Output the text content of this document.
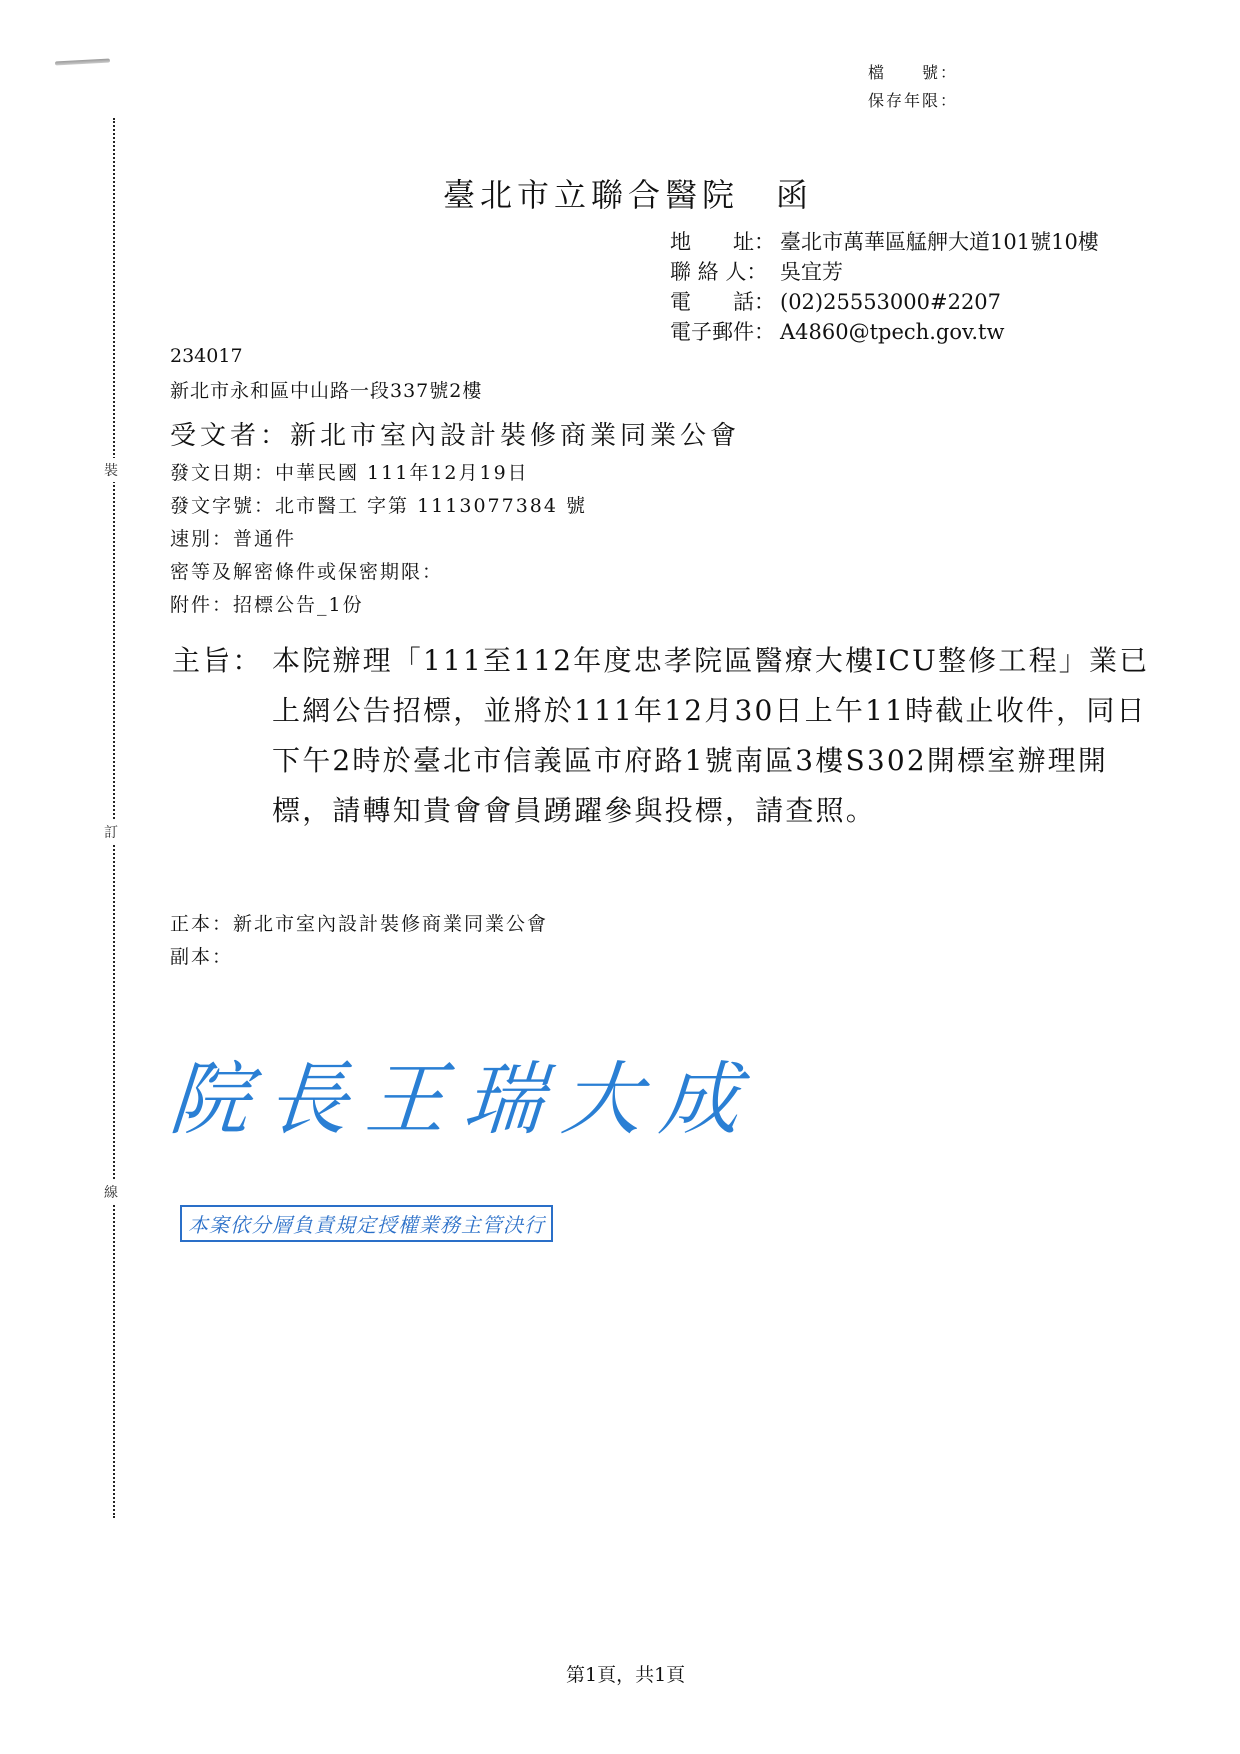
裝
訂
線
檔　　號：
保存年限：
臺北市立聯合醫院　函
地　　址： 臺北市萬華區艋舺大道101號10樓
聯 絡 人： 吳宜芳
電　　話： (02)25553000#2207
電子郵件： A4860@tpech.gov.tw
234017
新北市永和區中山路一段337號2樓
受文者：新北市室內設計裝修商業同業公會
發文日期：中華民國 111年12月19日
發文字號：北市醫工 字第 1113077384 號
速別：普通件
密等及解密條件或保密期限：
附件：招標公告_1份
主旨： 本院辦理「111至112年度忠孝院區醫療大樓ICU整修工程」業已上網公告招標，並將於111年12月30日上午11時截止收件，同日下午2時於臺北市信義區市府路1號南區3樓S302開標室辦理開標，請轉知貴會會員踴躍參與投標，請查照。
正本：新北市室內設計裝修商業同業公會
副本：
院長王瑞大成
本案依分層負責規定授權業務主管決行
第1頁，共1頁
